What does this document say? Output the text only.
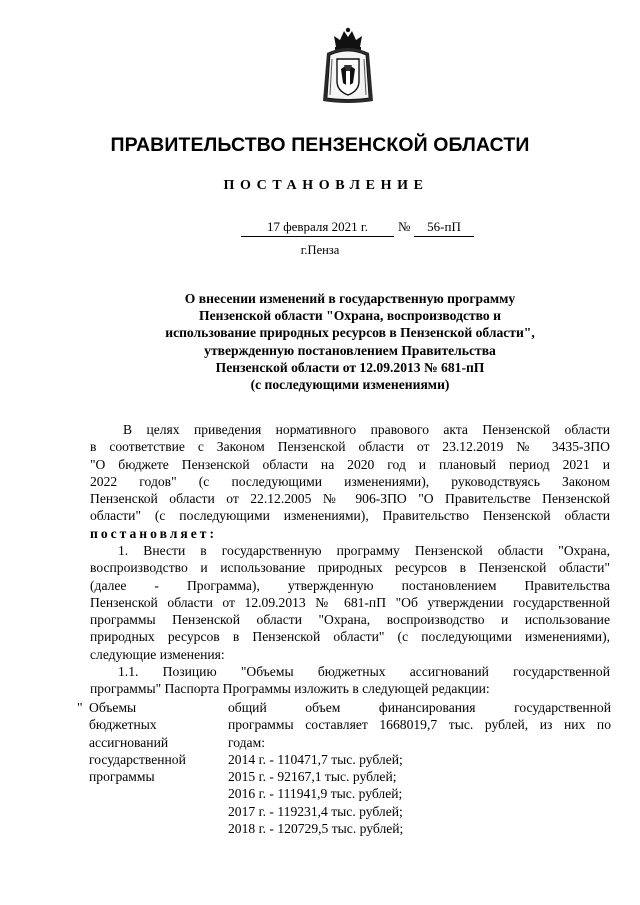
ПРАВИТЕЛЬСТВО ПЕНЗЕНСКОЙ ОБЛАСТИ
ПОСТАНОВЛЕНИЕ
17 февраля 2021 г.	№	56-пП
г.Пенза
О внесении изменений в государственную программу
Пензенской области "Охрана, воспроизводство и
использование природных ресурсов в Пензенской области",
утвержденную постановлением Правительства
Пензенской области от 12.09.2013 № 681-пП
(с последующими изменениями)
В целях приведения нормативного правового акта Пензенской области
в соответствие с Законом Пензенской области от 23.12.2019 № 3435-ЗПО
"О бюджете Пензенской области на 2020 год и плановый период 2021 и
2022 годов" (с последующими изменениями), руководствуясь Законом
Пензенской области от 22.12.2005 № 906-ЗПО "О Правительстве Пензенской
области" (с последующими изменениями), Правительство Пензенской области
постановляет:
1. Внести в государственную программу Пензенской области "Охрана,
воспроизводство и использование природных ресурсов в Пензенской области"
(далее - Программа), утвержденную постановлением Правительства
Пензенской области от 12.09.2013 № 681-пП "Об утверждении государственной
программы Пензенской области "Охрана, воспроизводство и использование
природных ресурсов в Пензенской области" (с последующими изменениями),
следующие изменения:
1.1. Позицию "Объемы бюджетных ассигнований государственной
программы" Паспорта Программы изложить в следующей редакции:
" Объемы
бюджетных
ассигнований
государственной
программы
общий объем финансирования государственной
программы составляет 1668019,7 тыс. рублей, из них по
годам:
2014 г. - 110471,7 тыс. рублей;
2015 г. - 92167,1 тыс. рублей;
2016 г. - 111941,9 тыс. рублей;
2017 г. - 119231,4 тыс. рублей;
2018 г. - 120729,5 тыс. рублей;
